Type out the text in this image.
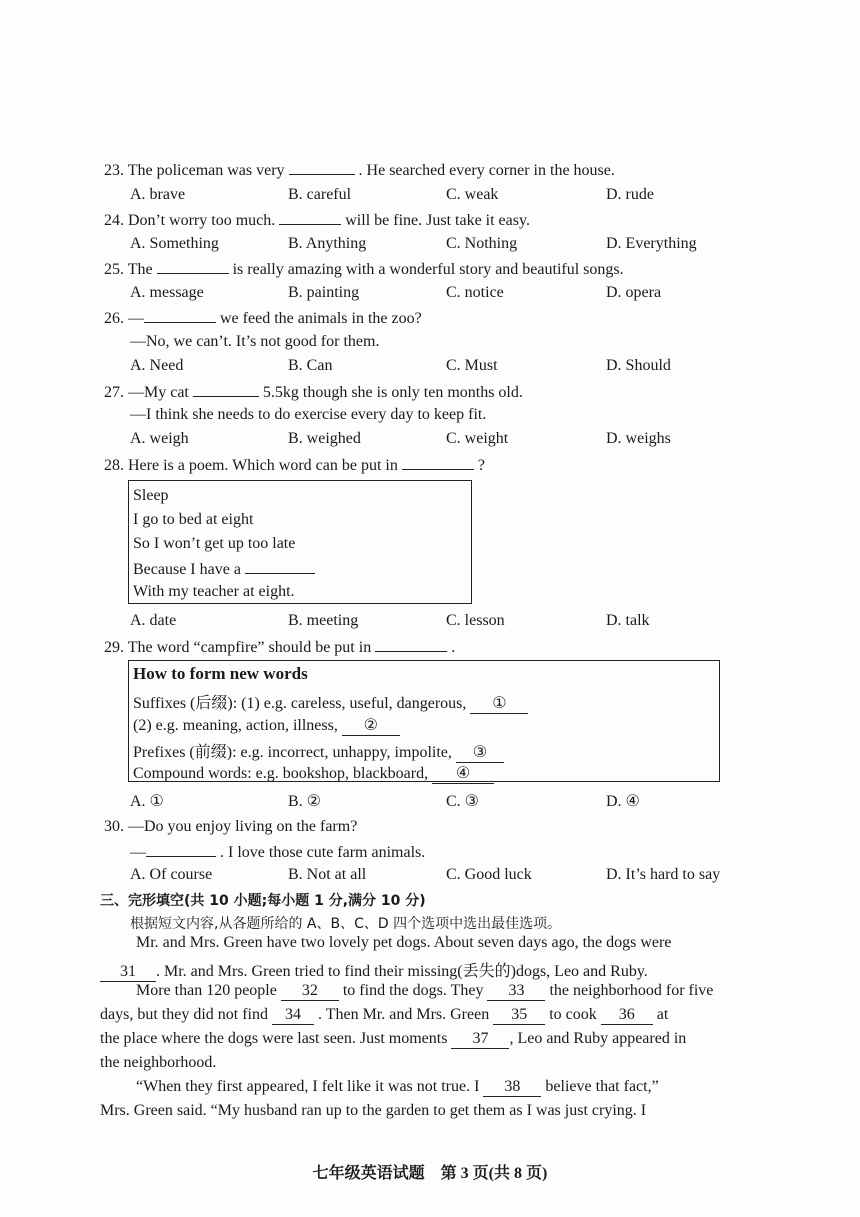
23. The policeman was very	. He searched every corner in the house.
A. brave	B. careful	C. weak	D. rude
24. Don’t worry too much.	will be fine. Just take it easy.
A. Something	B. Anything	C. Nothing	D. Everything
25. The	is really amazing with a wonderful story and beautiful songs.
A. message	B. painting	C. notice	D. opera
26. —	we feed the animals in the zoo?
—No, we can’t. It’s not good for them.
A. Need	B. Can	C. Must	D. Should
27. —My cat	5.5kg though she is only ten months old.
—I think she needs to do exercise every day to keep fit.
A. weigh	B. weighed	C. weight	D. weighs
28. Here is a poem. Which word can be put in	?
Sleep
I go to bed at eight
So I won’t get up too late
Because I have a
With my teacher at eight.
A. date	B. meeting	C. lesson	D. talk
29. The word “campfire” should be put in	.
How to form new words
Suffixes (后缀): (1) e.g. careless, useful, dangerous, ①
(2) e.g. meaning, action, illness, ②
Prefixes (前缀): e.g. incorrect, unhappy, impolite, ③
Compound words: e.g. bookshop, blackboard, ④
A. ①	B. ②	C. ③	D. ④
30. —Do you enjoy living on the farm?
—	. I love those cute farm animals.
A. Of course	B. Not at all	C. Good luck	D. It’s hard to say
三、完形填空(共 10 小题;每小题 1 分,满分 10 分)
根据短文内容,从各题所给的 A、B、C、D 四个选项中选出最佳选项。
Mr. and Mrs. Green have two lovely pet dogs. About seven days ago, the dogs were
31 . Mr. and Mrs. Green tried to find their missing(丢失的)dogs, Leo and Ruby.
More than 120 people 32 to find the dogs. They 33 the neighborhood for five
days, but they did not find 34 . Then Mr. and Mrs. Green 35 to cook 36 at
the place where the dogs were last seen. Just moments 37 , Leo and Ruby appeared in
the neighborhood.
“When they first appeared, I felt like it was not true. I 38 believe that fact,”
Mrs. Green said. “My husband ran up to the garden to get them as I was just crying. I
七年级英语试题　第 3 页(共 8 页)
